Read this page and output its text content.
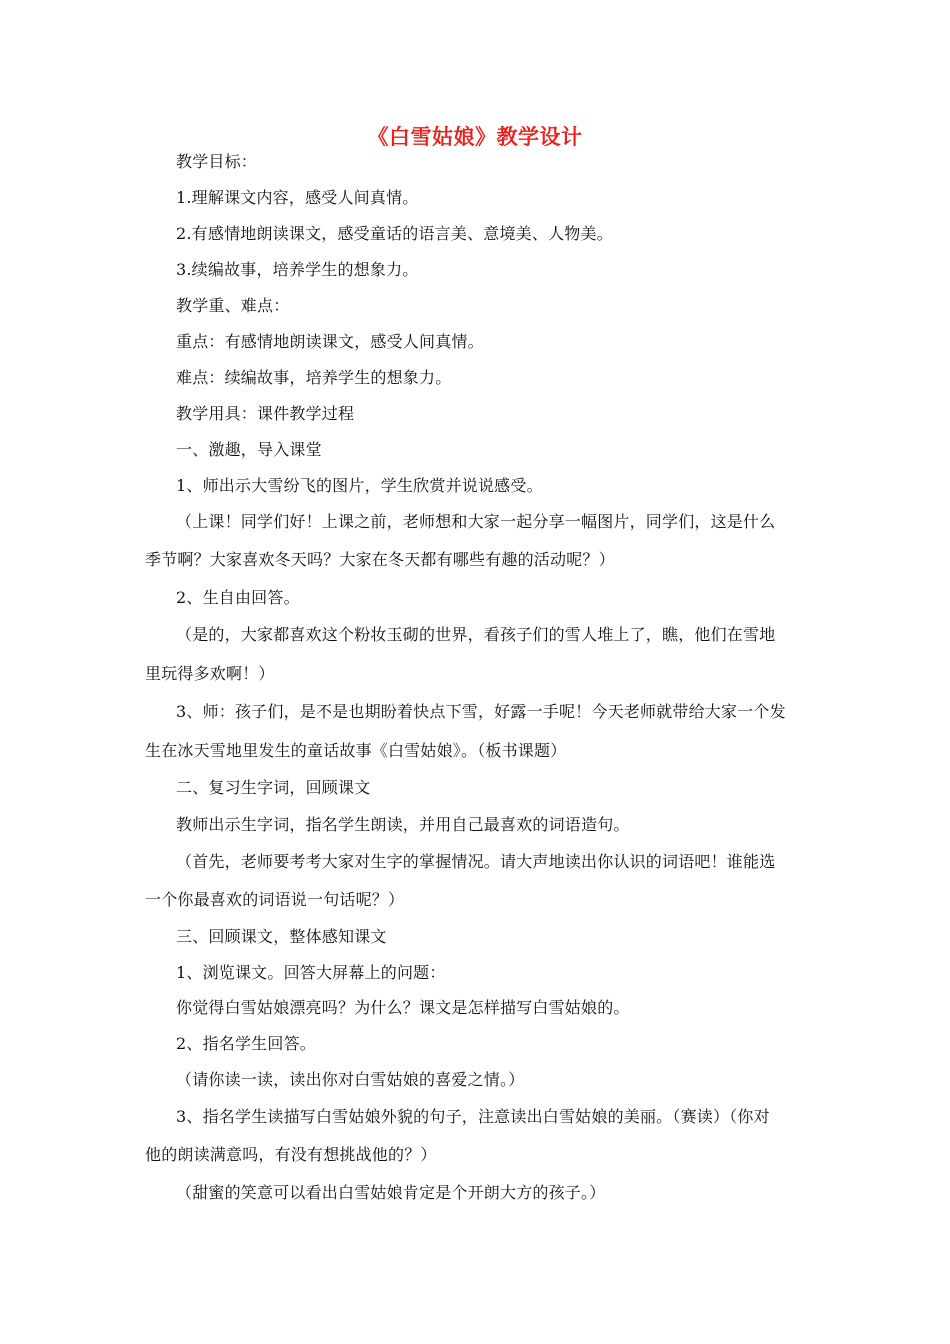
《白雪姑娘》教学设计
教学目标：
1.理解课文内容，感受人间真情。
2.有感情地朗读课文，感受童话的语言美、意境美、人物美。
3.续编故事，培养学生的想象力。
教学重、难点：
重点：有感情地朗读课文，感受人间真情。
难点：续编故事，培养学生的想象力。
教学用具：课件教学过程
一、激趣，导入课堂
1、师出示大雪纷飞的图片，学生欣赏并说说感受。
（上课！同学们好！上课之前，老师想和大家一起分享一幅图片，同学们，这是什么
季节啊？大家喜欢冬天吗？大家在冬天都有哪些有趣的活动呢？）
2、生自由回答。
（是的，大家都喜欢这个粉妆玉砌的世界，看孩子们的雪人堆上了，瞧，他们在雪地
里玩得多欢啊！）
3、师：孩子们，是不是也期盼着快点下雪，好露一手呢！今天老师就带给大家一个发
生在冰天雪地里发生的童话故事《白雪姑娘》。（板书课题）
二、复习生字词，回顾课文
教师出示生字词，指名学生朗读，并用自己最喜欢的词语造句。
（首先，老师要考考大家对生字的掌握情况。请大声地读出你认识的词语吧！谁能选
一个你最喜欢的词语说一句话呢？）
三、回顾课文，整体感知课文
1、浏览课文。回答大屏幕上的问题：
你觉得白雪姑娘漂亮吗？为什么？课文是怎样描写白雪姑娘的。
2、指名学生回答。
（请你读一读，读出你对白雪姑娘的喜爱之情。）
3、指名学生读描写白雪姑娘外貌的句子，注意读出白雪姑娘的美丽。（赛读）（你对
他的朗读满意吗，有没有想挑战他的？）
（甜蜜的笑意可以看出白雪姑娘肯定是个开朗大方的孩子。）
